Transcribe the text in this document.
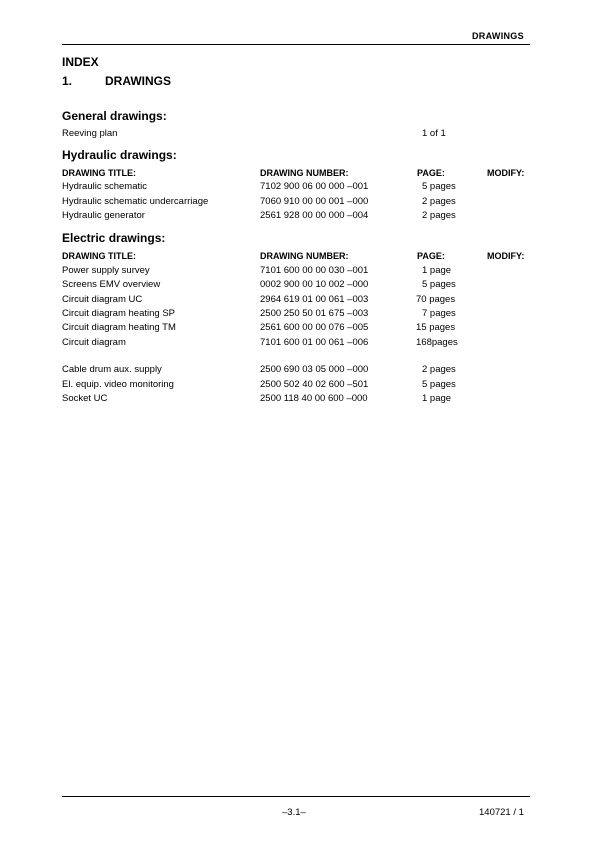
DRAWINGS
INDEX
1.	DRAWINGS
General drawings:
Reeving plan	1 of 1
Hydraulic drawings:
DRAWING TITLE:	DRAWING NUMBER:	PAGE:	MODIFY:
Hydraulic schematic	7102 900 06 00 000 –001	5 pages
Hydraulic schematic undercarriage	7060 910 00 00 001 –000	2 pages
Hydraulic generator	2561 928 00 00 000 –004	2 pages
Electric drawings:
DRAWING TITLE:	DRAWING NUMBER:	PAGE:	MODIFY:
Power supply survey	7101 600 00 00 030 –001	1 page
Screens EMV overview	0002 900 00 10 002 –000	5 pages
Circuit diagram UC	2964 619 01 00 061 –003	70 pages
Circuit diagram heating SP	2500 250 50 01 675 –003	7 pages
Circuit diagram heating TM	2561 600 00 00 076 –005	15 pages
Circuit diagram	7101 600 01 00 061 –006	168pages
Cable drum aux. supply	2500 690 03 05 000 –000	2 pages
El. equip. video monitoring	2500 502 40 02 600 –501	5 pages
Socket UC	2500 118 40 00 600 –000	1 page
–3.1–	140721 / 1
